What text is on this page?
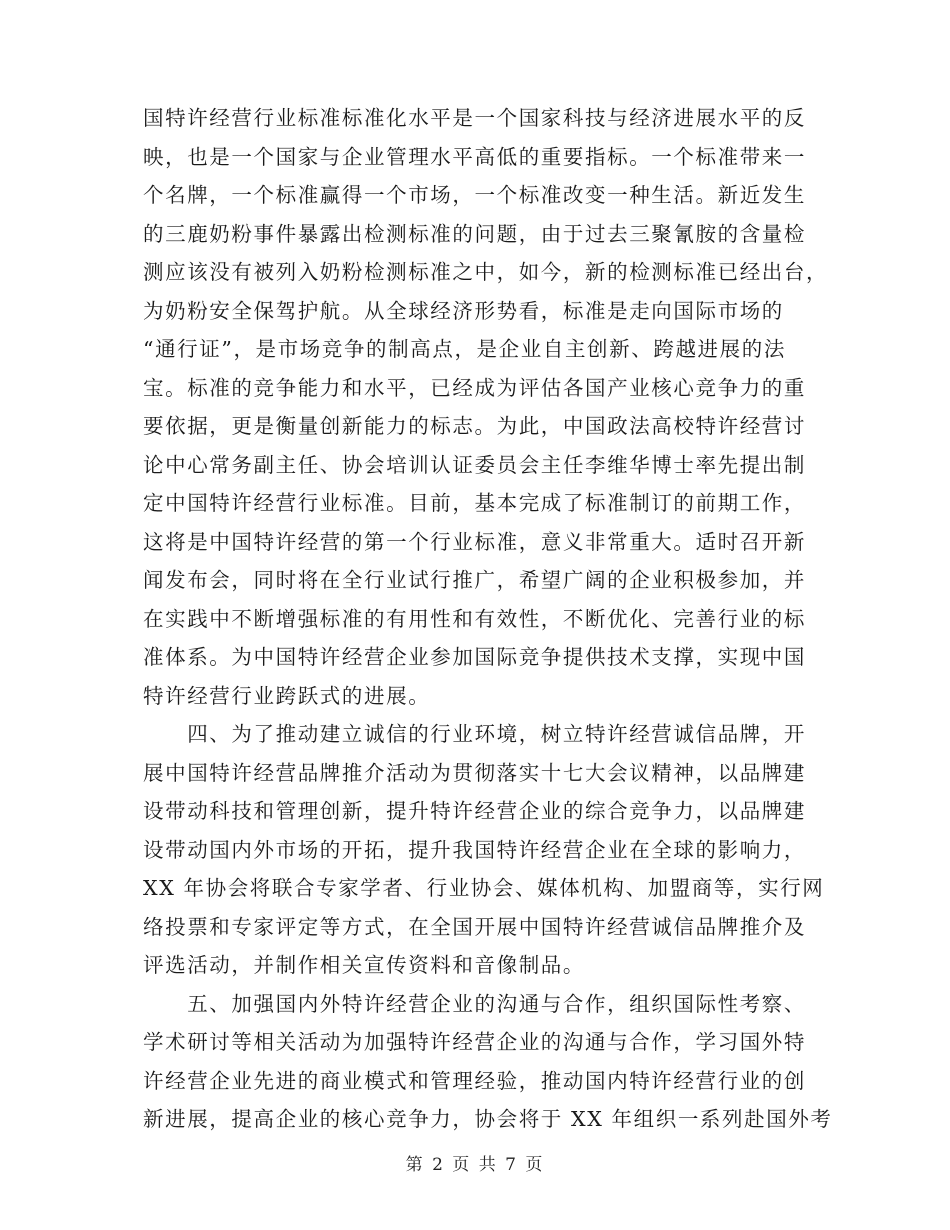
国特许经营行业标准标准化水平是一个国家科技与经济进展水平的反
映，也是一个国家与企业管理水平高低的重要指标。一个标准带来一
个名牌，一个标准赢得一个市场，一个标准改变一种生活。新近发生
的三鹿奶粉事件暴露出检测标准的问题，由于过去三聚氰胺的含量检
测应该没有被列入奶粉检测标准之中，如今，新的检测标准已经出台，
为奶粉安全保驾护航。从全球经济形势看，标准是走向国际市场的
“通行证”，是市场竞争的制高点，是企业自主创新、跨越进展的法
宝。标准的竞争能力和水平，已经成为评估各国产业核心竞争力的重
要依据，更是衡量创新能力的标志。为此，中国政法高校特许经营讨
论中心常务副主任、协会培训认证委员会主任李维华博士率先提出制
定中国特许经营行业标准。目前，基本完成了标准制订的前期工作，
这将是中国特许经营的第一个行业标准，意义非常重大。适时召开新
闻发布会，同时将在全行业试行推广，希望广阔的企业积极参加，并
在实践中不断增强标准的有用性和有效性，不断优化、完善行业的标
准体系。为中国特许经营企业参加国际竞争提供技术支撑，实现中国
特许经营行业跨跃式的进展。
　　四、为了推动建立诚信的行业环境，树立特许经营诚信品牌，开
展中国特许经营品牌推介活动为贯彻落实十七大会议精神，以品牌建
设带动科技和管理创新，提升特许经营企业的综合竞争力，以品牌建
设带动国内外市场的开拓，提升我国特许经营企业在全球的影响力，
XX 年协会将联合专家学者、行业协会、媒体机构、加盟商等，实行网
络投票和专家评定等方式，在全国开展中国特许经营诚信品牌推介及
评选活动，并制作相关宣传资料和音像制品。
　　五、加强国内外特许经营企业的沟通与合作，组织国际性考察、
学术研讨等相关活动为加强特许经营企业的沟通与合作，学习国外特
许经营企业先进的商业模式和管理经验，推动国内特许经营行业的创
新进展，提高企业的核心竞争力，协会将于 XX 年组织一系列赴国外考
第 2 页 共 7 页
